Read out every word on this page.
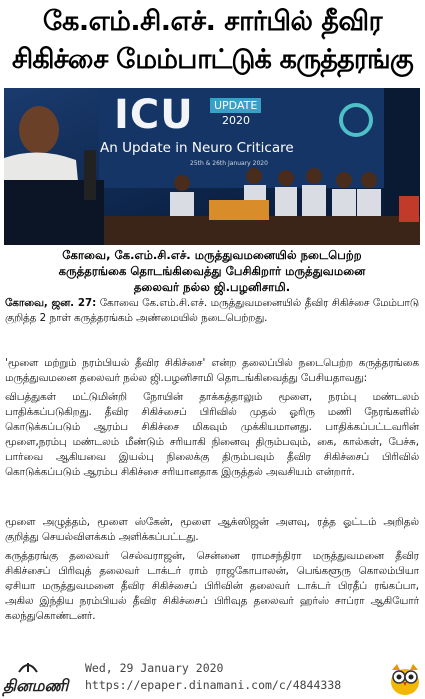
கே.எம்.சி.எச். சார்பில் தீவிர
சிகிச்சை மேம்பாட்டுக் கருத்தரங்கு
ICU	UPDATE
2020
An Update in Neuro Criticare
25th & 26th January 2020
கோவை, கே.எம்.சி.எச். மருத்துவமனையில் நடைபெற்ற
கருத்தரங்கை தொடங்கிவைத்து பேசிகிறார் மருத்துவமனை
தலைவர் நல்ல ஜி.பழனிசாமி.

கோவை, ஜன. 27: கோவை கே.எம்.சி.எச். மருத்துவமனையில் தீவிர சிகிச்சை மேம்பாடு குறித்த 2 நாள் கருத்தரங்கம் அண்மையில் நடைபெற்றது.

'மூளை மற்றும் நரம்பியல் தீவிர சிகிச்சை' என்ற தலைப்பில் நடைபெற்ற கருத்தரங்கை மருத்துவமனை தலைவர் நல்ல ஜி.பழனிசாமி தொடங்கிவைத்து பேசியதாவது:

விபத்துகள் மட்டுமின்றி நோயின் தாக்கத்தாலும் மூளை, நரம்பு மண்டலம் பாதிக்கப்படுகிறது. தீவிர சிகிச்சைப் பிரிவில் முதல் ஓரிரு மணி நேரங்களில் கொடுக்கப்படும் ஆரம்ப சிகிச்சை மிகவும் முக்கியமானது. பாதிக்கப்பட்டவரின் மூளை,நரம்பு மண்டலம் மீண்டும் சரியாகி நினைவு திரும்பவும், கை, கால்கள், பேச்சு, பார்வை ஆகியவை இயல்பு நிலைக்கு திரும்பவும் தீவிர சிகிச்சைப் பிரிவில் கொடுக்கப்படும் ஆரம்ப சிகிச்சை சரியானதாக இருத்தல் அவசியம் என்றார்.

மூளை அழுத்தம், மூளை ஸ்கேன், மூளை ஆக்ஸிஜன் அளவு, ரத்த ஓட்டம் அறிதல் குறித்து செயல்விளக்கம் அளிக்கப்பட்டது.

கருத்தரங்கு தலைவர் செல்வராஜன், சென்னை ராமசந்திரா மருத்துவமனை தீவிர சிகிச்சைப் பிரிவுத் தலைவர் டாக்டர் ராம் ராஜகோபாலன், பெங்களூரு கொலம்பியா ஏசியா மருத்துவமனை தீவிர சிகிச்சைப் பிரிவின் தலைவர் டாக்டர் பிரதீப் ரங்கப்பா, அகில இந்திய நரம்பியல் தீவிர சிகிச்சைப் பிரிவுத தலைவர் ஹர்ஸ் சாப்ரா ஆகியோர் கலந்துகொண்டனர்.

தினமணி
Wed, 29 January 2020
https://epaper.dinamani.com/c/4844338
